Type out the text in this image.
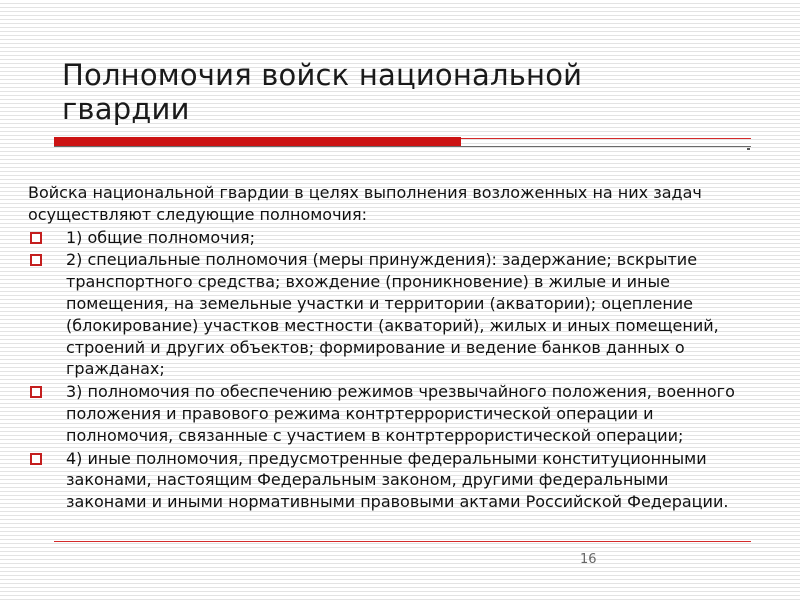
Полномочия войск национальной гвардии

Войска национальной гвардии в целях выполнения возложенных на них задач осуществляют следующие полномочия:

1) общие полномочия;
2) специальные полномочия (меры принуждения): задержание; вскрытие транспортного средства; вхождение (проникновение) в жилые и иные помещения, на земельные участки и территории (акватории); оцепление (блокирование) участков местности (акваторий), жилых и иных помещений, строений и других объектов; формирование и ведение банков данных о гражданах;
3) полномочия по обеспечению режимов чрезвычайного положения, военного положения и правового режима контртеррористической операции и полномочия, связанные с участием в контртеррористической операции;
4) иные полномочия, предусмотренные федеральными конституционными законами, настоящим Федеральным законом, другими федеральными законами и иными нормативными правовыми актами Российской Федерации.
16
